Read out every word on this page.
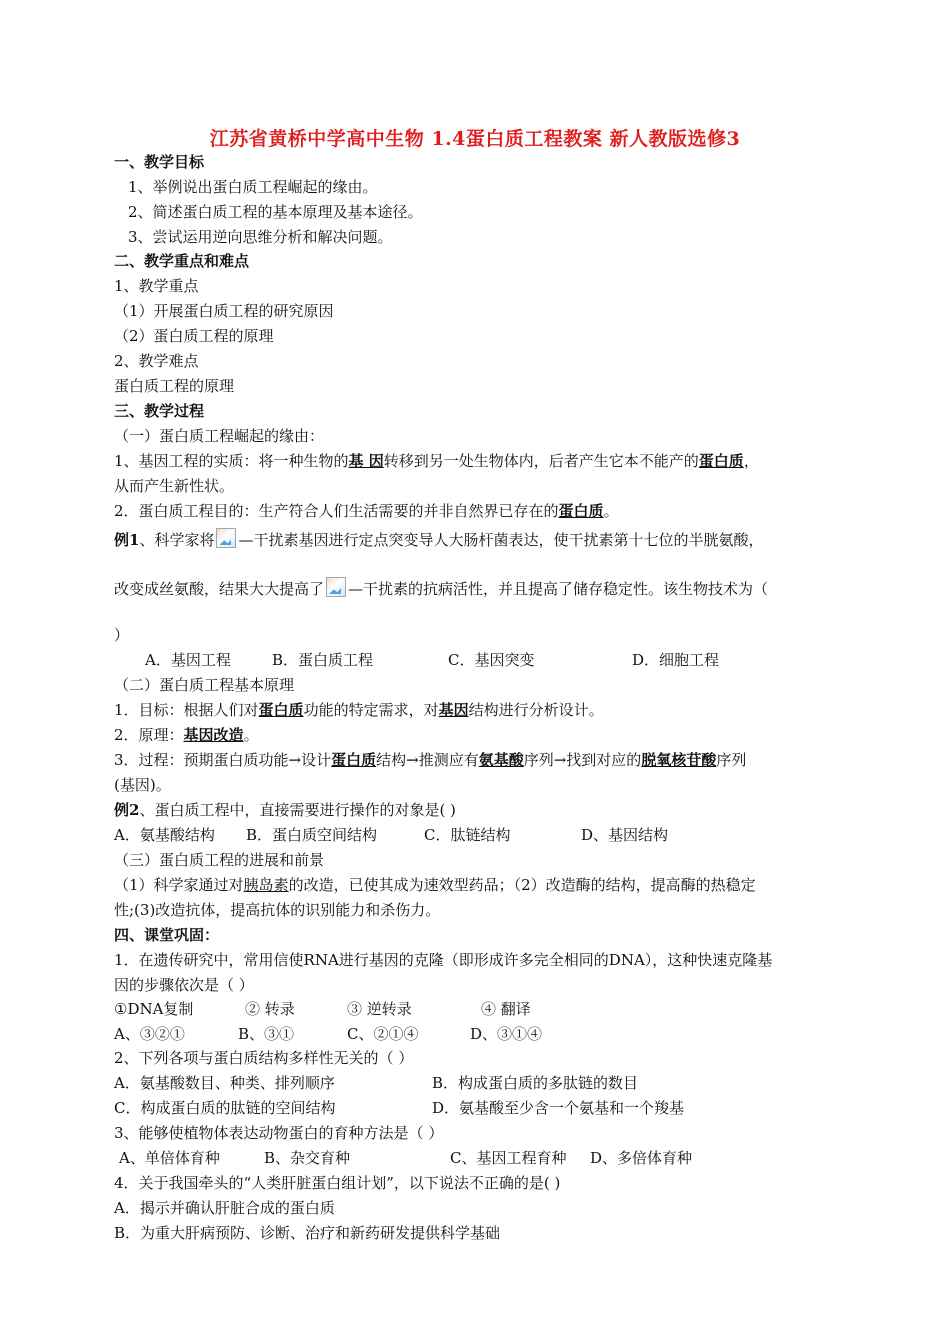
江苏省黄桥中学高中生物 1.4蛋白质工程教案 新人教版选修3
一、教学目标
1、举例说出蛋白质工程崛起的缘由。
2、简述蛋白质工程的基本原理及基本途径。
3、尝试运用逆向思维分析和解决问题。
二、教学重点和难点
1、教学重点
（1）开展蛋白质工程的研究原因
（2）蛋白质工程的原理
2、教学难点
蛋白质工程的原理
三、教学过程
（一）蛋白质工程崛起的缘由：
1、基因工程的实质：将一种生物的基 因转移到另一处生物体内，后者产生它本不能产的蛋白质，
从而产生新性状。
2．蛋白质工程目的：生产符合人们生活需要的并非自然界已存在的蛋白质。
例1、科学家将 —干扰素基因进行定点突变导人大肠杆菌表达，使干扰素第十七位的半胱氨酸，
改变成丝氨酸，结果大大提高了 —干扰素的抗病活性，并且提高了储存稳定性。该生物技术为（
）
A．基因工程	B．蛋白质工程	C．基因突变	D．细胞工程
（二）蛋白质工程基本原理
1．目标：根据人们对蛋白质功能的特定需求，对基因结构进行分析设计。
2．原理：基因改造。
3．过程：预期蛋白质功能→设计蛋白质结构→推测应有氨基酸序列→找到对应的脱氧核苷酸序列
(基因)。
例2、蛋白质工程中，直接需要进行操作的对象是( )
A．氨基酸结构 B．蛋白质空间结构	C．肽链结构	D、基因结构
（三）蛋白质工程的进展和前景
（1）科学家通过对胰岛素的改造，已使其成为速效型药品；（2）改造酶的结构，提高酶的热稳定
性;(3)改造抗体，提高抗体的识别能力和杀伤力。
四、课堂巩固：
1．在遗传研究中，常用信使RNA进行基因的克隆（即形成许多完全相同的DNA），这种快速克隆基
因的步骤依次是（ ）
①DNA复制	② 转录	③ 逆转录	④ 翻译
A、③②①	B、③①	C、②①④	D、③①④
2、下列各项与蛋白质结构多样性无关的（ ）
A．氨基酸数目、种类、排列顺序	B．构成蛋白质的多肽链的数目
C．构成蛋白质的肽链的空间结构	D．氨基酸至少含一个氨基和一个羧基
3、能够使植物体表达动物蛋白的育种方法是（ ）
A、单倍体育种	B、杂交育种	C、基因工程育种 D、多倍体育种
4．关于我国牵头的“人类肝脏蛋白组计划”，以下说法不正确的是( )
A．揭示并确认肝脏合成的蛋白质
B．为重大肝病预防、诊断、治疗和新药研发提供科学基础
